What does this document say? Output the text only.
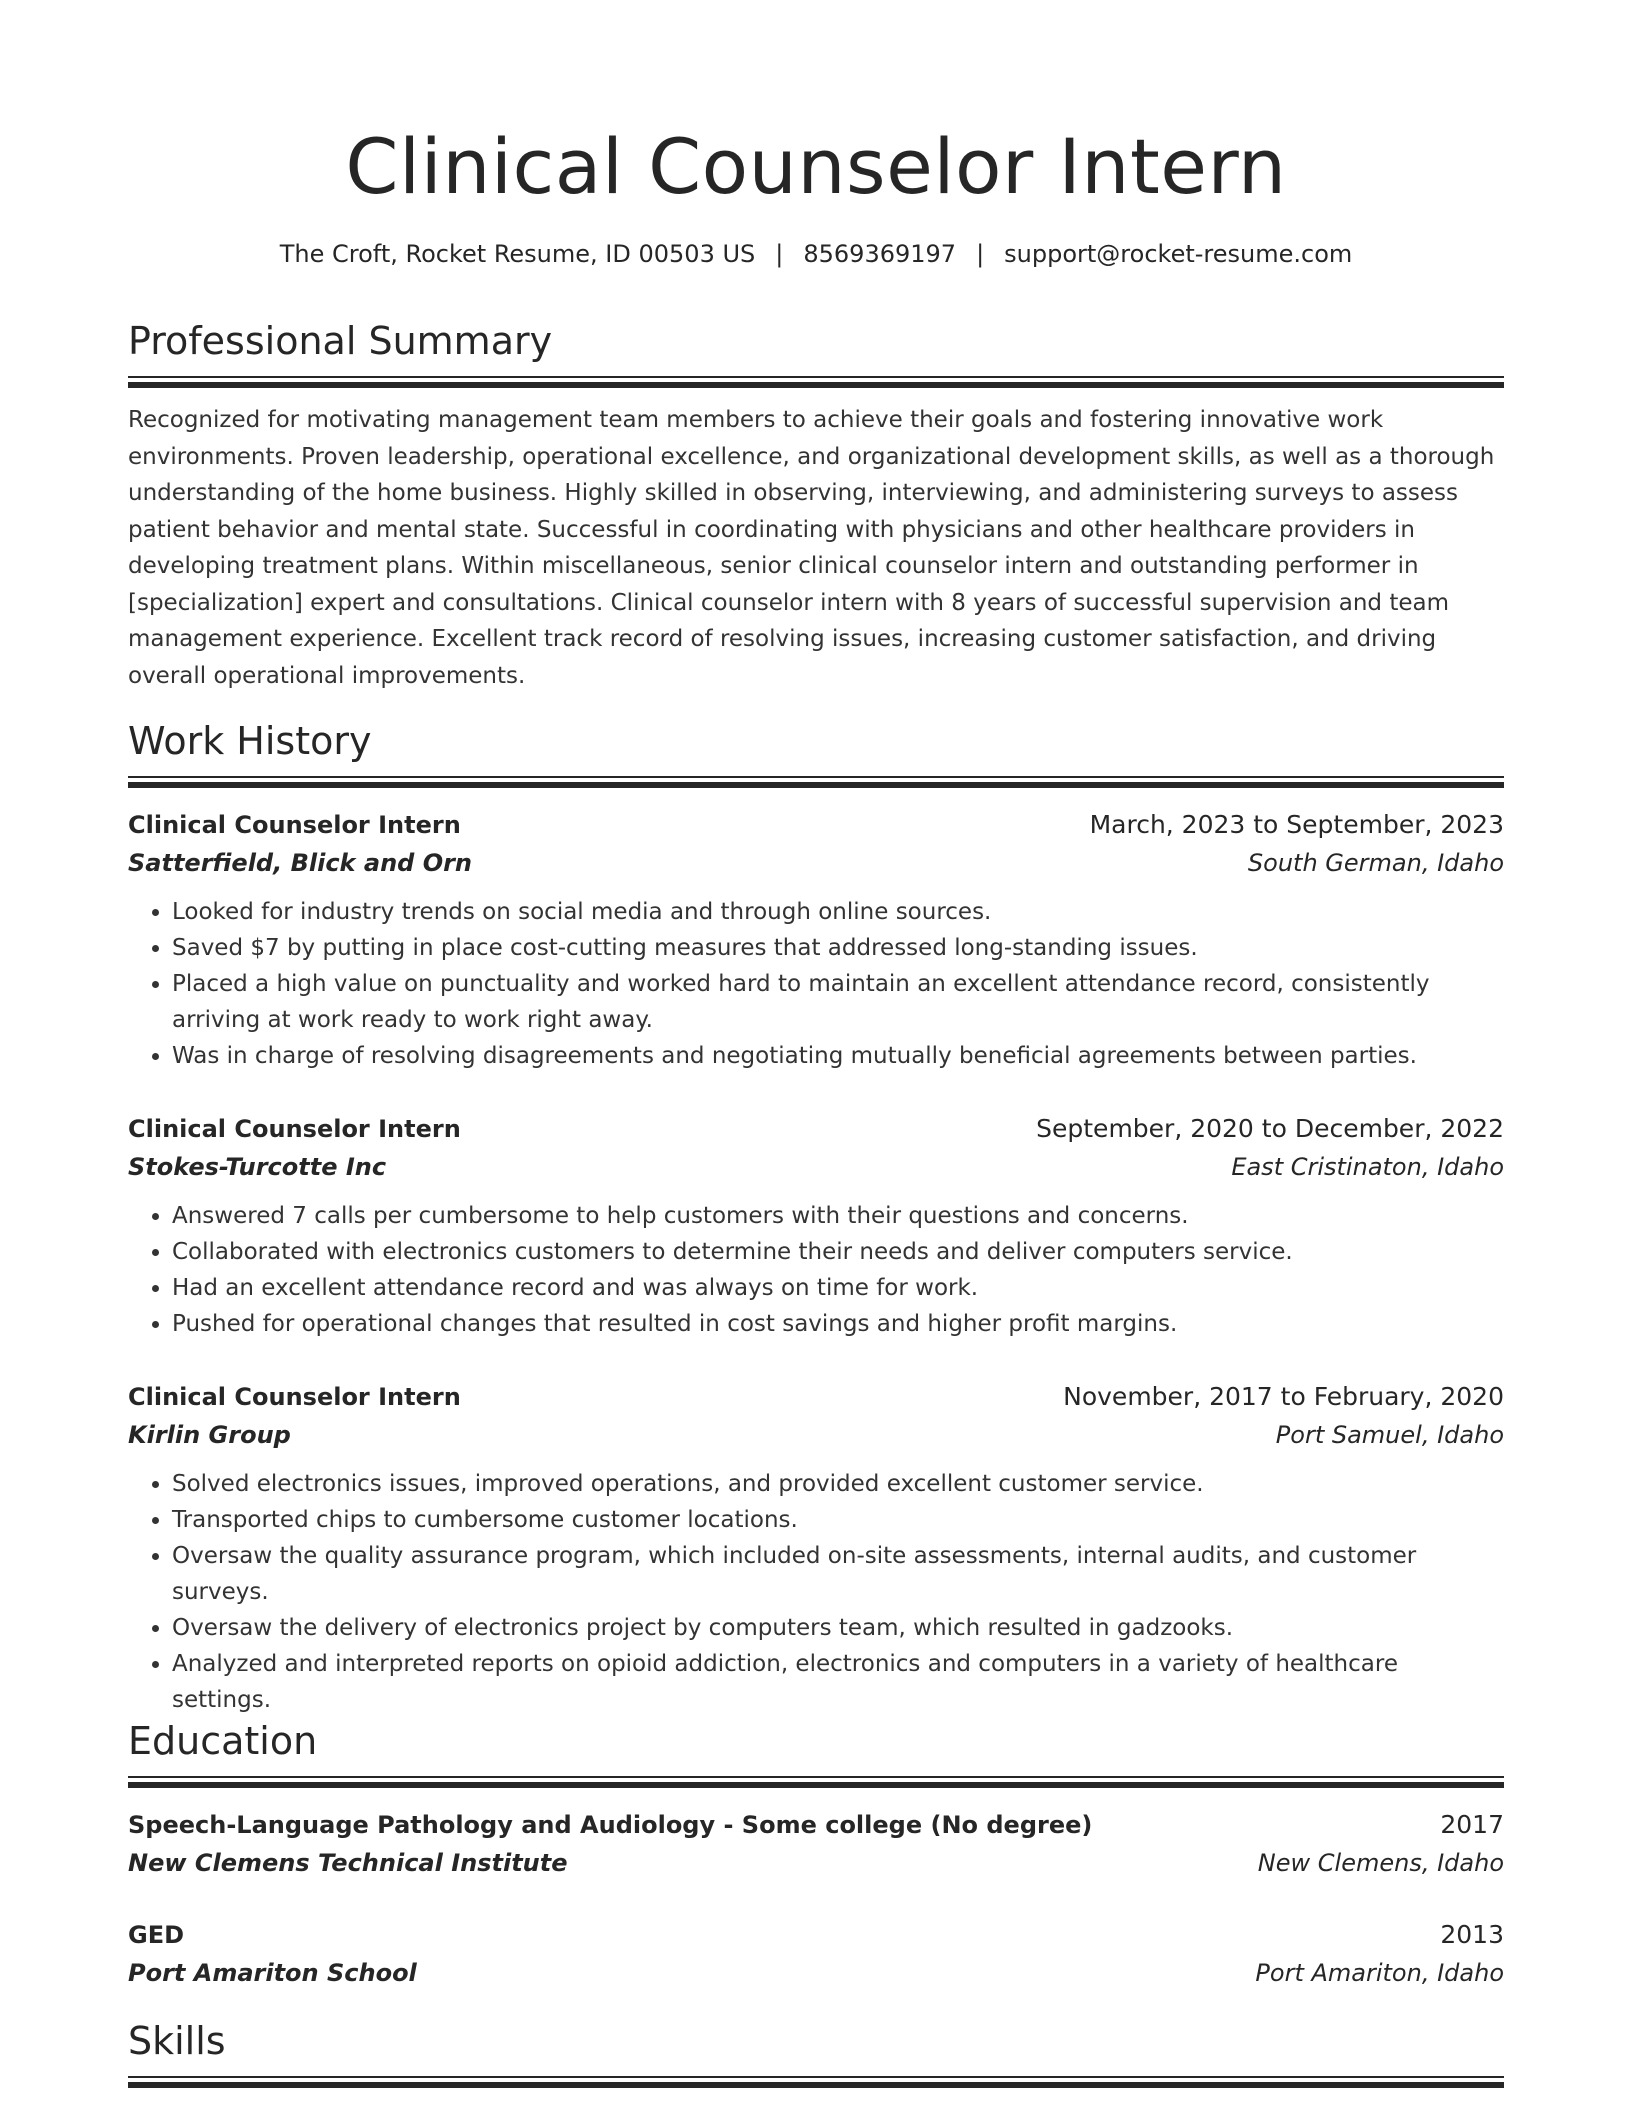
Clinical Counselor Intern
The Croft, Rocket Resume, ID 00503 US | 8569369197 | support@rocket-resume.com
Professional Summary
Recognized for motivating management team members to achieve their goals and fostering innovative work environments. Proven leadership, operational excellence, and organizational development skills, as well as a thorough understanding of the home business. Highly skilled in observing, interviewing, and administering surveys to assess patient behavior and mental state. Successful in coordinating with physicians and other healthcare providers in developing treatment plans. Within miscellaneous, senior clinical counselor intern and outstanding performer in [specialization] expert and consultations. Clinical counselor intern with 8 years of successful supervision and team management experience. Excellent track record of resolving issues, increasing customer satisfaction, and driving overall operational improvements.
Work History
Clinical Counselor Intern	March, 2023 to September, 2023
Satterfield, Blick and Orn	South German, Idaho
• Looked for industry trends on social media and through online sources.
• Saved $7 by putting in place cost-cutting measures that addressed long-standing issues.
• Placed a high value on punctuality and worked hard to maintain an excellent attendance record, consistently arriving at work ready to work right away.
• Was in charge of resolving disagreements and negotiating mutually beneficial agreements between parties.
Clinical Counselor Intern	September, 2020 to December, 2022
Stokes-Turcotte Inc	East Cristinaton, Idaho
• Answered 7 calls per cumbersome to help customers with their questions and concerns.
• Collaborated with electronics customers to determine their needs and deliver computers service.
• Had an excellent attendance record and was always on time for work.
• Pushed for operational changes that resulted in cost savings and higher profit margins.
Clinical Counselor Intern	November, 2017 to February, 2020
Kirlin Group	Port Samuel, Idaho
• Solved electronics issues, improved operations, and provided excellent customer service.
• Transported chips to cumbersome customer locations.
• Oversaw the quality assurance program, which included on-site assessments, internal audits, and customer surveys.
• Oversaw the delivery of electronics project by computers team, which resulted in gadzooks.
• Analyzed and interpreted reports on opioid addiction, electronics and computers in a variety of healthcare settings.
Education
Speech-Language Pathology and Audiology - Some college (No degree)	2017
New Clemens Technical Institute	New Clemens, Idaho
GED	2013
Port Amariton School	Port Amariton, Idaho
Skills
